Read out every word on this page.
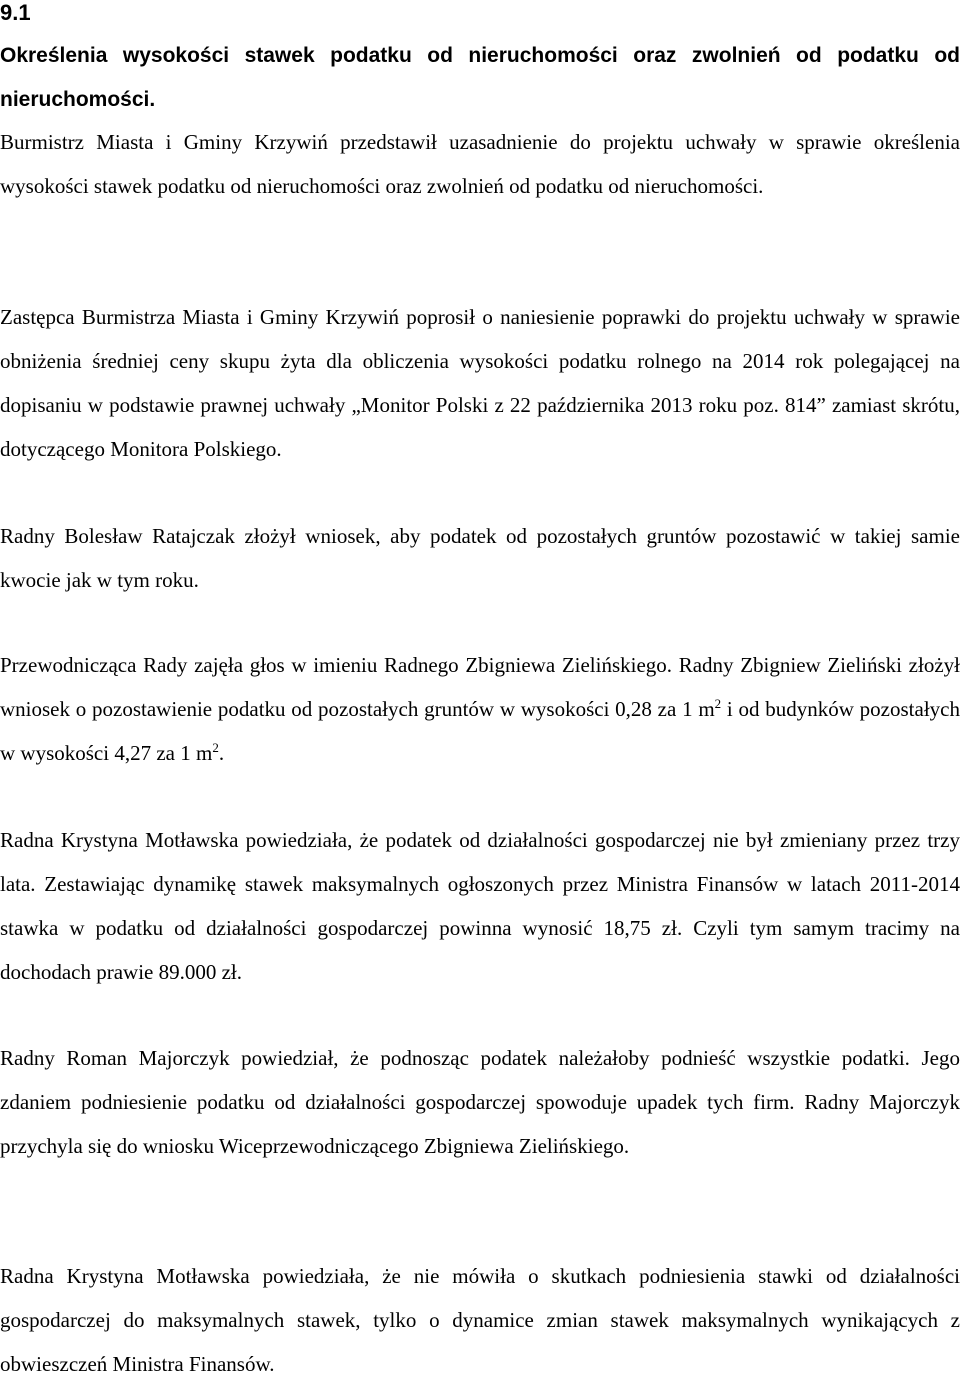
9.1
Określenia wysokości stawek podatku od nieruchomości oraz zwolnień od podatku od nieruchomości.

Burmistrz Miasta i Gminy Krzywiń przedstawił uzasadnienie do projektu uchwały w sprawie określenia wysokości stawek podatku od nieruchomości oraz zwolnień od podatku od nieruchomości.

Zastępca Burmistrza Miasta i Gminy Krzywiń poprosił o naniesienie poprawki do projektu uchwały w sprawie obniżenia średniej ceny skupu żyta dla obliczenia wysokości podatku rolnego na 2014 rok polegającej na dopisaniu w podstawie prawnej uchwały „Monitor Polski z 22 października 2013 roku poz. 814” zamiast skrótu, dotyczącego Monitora Polskiego.

Radny Bolesław Ratajczak złożył wniosek, aby podatek od pozostałych gruntów pozostawić w takiej samie kwocie jak w tym roku.

Przewodnicząca Rady zajęła głos w imieniu Radnego Zbigniewa Zielińskiego. Radny Zbigniew Zieliński złożył wniosek o pozostawienie podatku od pozostałych gruntów w wysokości 0,28 za 1 $m^2$ i od budynków pozostałych w wysokości 4,27 za 1 $m^2$.

Radna Krystyna Motławska powiedziała, że podatek od działalności gospodarczej nie był zmieniany przez trzy lata. Zestawiając dynamikę stawek maksymalnych ogłoszonych przez Ministra Finansów w latach 2011-2014 stawka w podatku od działalności gospodarczej powinna wynosić 18,75 zł. Czyli tym samym tracimy na dochodach prawie 89.000 zł.

Radny Roman Majorczyk powiedział, że podnosząc podatek należałoby podnieść wszystkie podatki. Jego zdaniem podniesienie podatku od działalności gospodarczej spowoduje upadek tych firm. Radny Majorczyk przychyla się do wniosku Wiceprzewodniczącego Zbigniewa Zielińskiego.

Radna Krystyna Motławska powiedziała, że nie mówiła o skutkach podniesienia stawki od działalności gospodarczej do maksymalnych stawek, tylko o dynamice zmian stawek maksymalnych wynikających z obwieszczeń Ministra Finansów.
